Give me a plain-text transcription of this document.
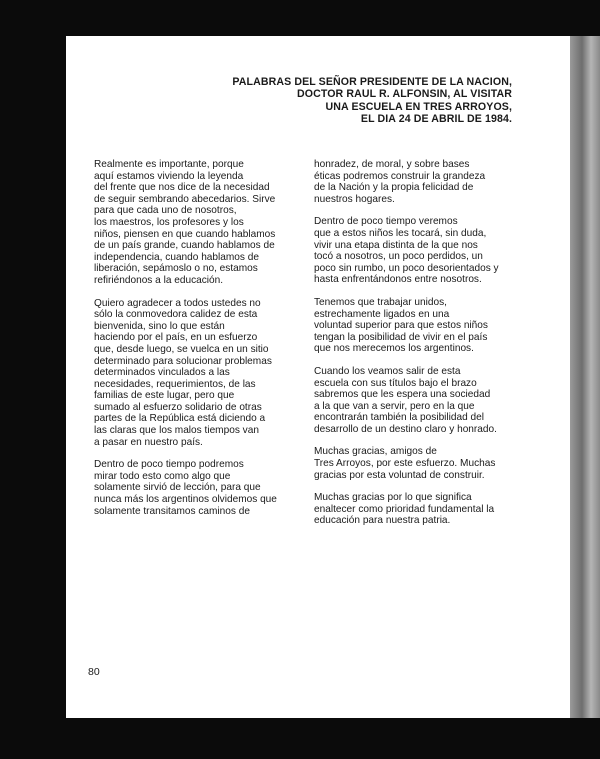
PALABRAS DEL SEÑOR PRESIDENTE DE LA NACION,
DOCTOR RAUL R. ALFONSIN, AL VISITAR
UNA ESCUELA EN TRES ARROYOS,
EL DIA 24 DE ABRIL DE 1984.

Realmente es importante, porque
aquí estamos viviendo la leyenda
del frente que nos dice de la necesidad
de seguir sembrando abecedarios. Sirve
para que cada uno de nosotros,
los maestros, los profesores y los
niños, piensen en que cuando hablamos
de un país grande, cuando hablamos de
independencia, cuando hablamos de
liberación, sepámoslo o no, estamos
refiriéndonos a la educación.

Quiero agradecer a todos ustedes no
sólo la conmovedora calidez de esta
bienvenida, sino lo que están
haciendo por el país, en un esfuerzo
que, desde luego, se vuelca en un sitio
determinado para solucionar problemas
determinados vinculados a las
necesidades, requerimientos, de las
familias de este lugar, pero que
sumado al esfuerzo solidario de otras
partes de la República está diciendo a
las claras que los malos tiempos van
a pasar en nuestro país.

Dentro de poco tiempo podremos
mirar todo esto como algo que
solamente sirvió de lección, para que
nunca más los argentinos olvidemos que
solamente transitamos caminos de

honradez, de moral, y sobre bases
éticas podremos construir la grandeza
de la Nación y la propia felicidad de
nuestros hogares.

Dentro de poco tiempo veremos
que a estos niños les tocará, sin duda,
vivir una etapa distinta de la que nos
tocó a nosotros, un poco perdidos, un
poco sin rumbo, un poco desorientados y
hasta enfrentándonos entre nosotros.

Tenemos que trabajar unidos,
estrechamente ligados en una
voluntad superior para que estos niños
tengan la posibilidad de vivir en el país
que nos merecemos los argentinos.

Cuando los veamos salir de esta
escuela con sus títulos bajo el brazo
sabremos que les espera una sociedad
a la que van a servir, pero en la que
encontrarán también la posibilidad del
desarrollo de un destino claro y honrado.

Muchas gracias, amigos de
Tres Arroyos, por este esfuerzo. Muchas
gracias por esta voluntad de construir.

Muchas gracias por lo que significa
enaltecer como prioridad fundamental la
educación para nuestra patria.

80
